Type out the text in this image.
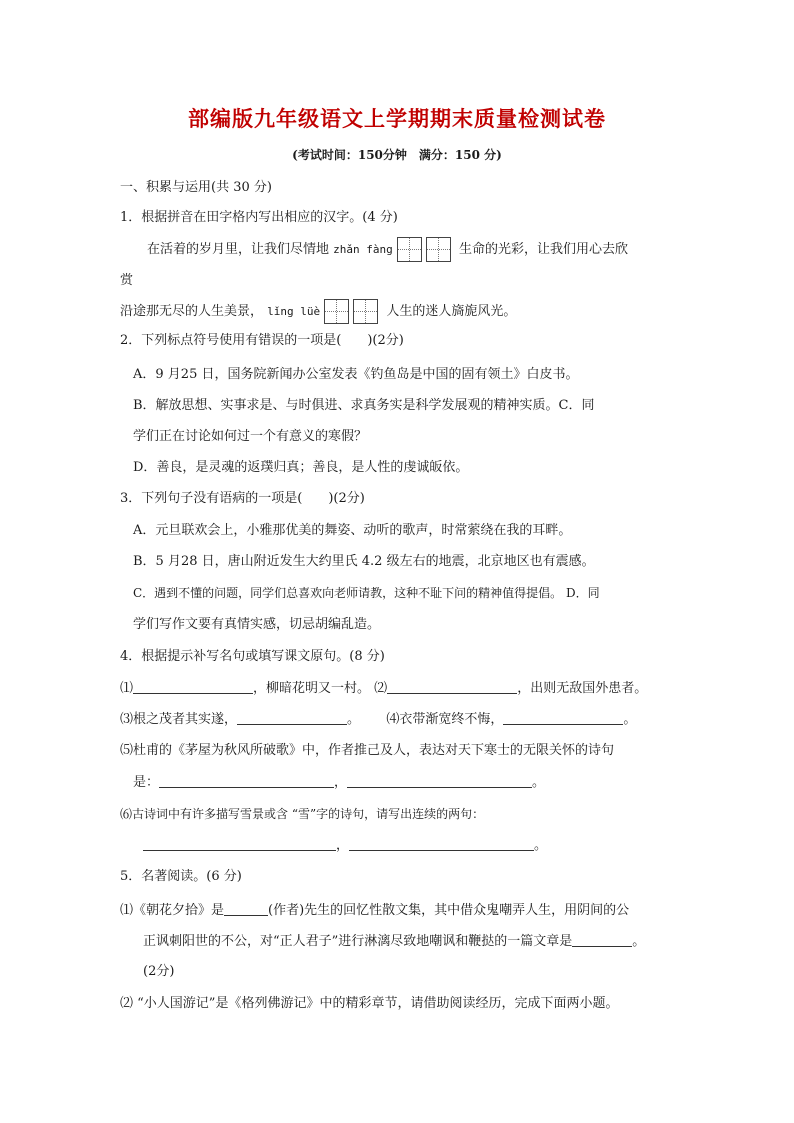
部编版九年级语文上学期期末质量检测试卷
(考试时间：150分钟　满分：150 分)
一、积累与运用(共 30 分)
1．根据拼音在田字格内写出相应的汉字。(4 分)
在活着的岁月里，让我们尽情地 zhǎn fàng	生命的光彩，让我们用心去欣
赏
沿途那无尽的人生美景， lǐng lüè	人生的迷人旖旎风光。
2．下列标点符号使用有错误的一项是(　　)(2分)
A．9 月25 日，国务院新闻办公室发表《钓鱼岛是中国的固有领土》白皮书。
B．解放思想、实事求是、与时俱进、求真务实是科学发展观的精神实质。C．同
学们正在讨论如何过一个有意义的寒假？
D．善良，是灵魂的返璞归真；善良，是人性的虔诚皈依。
3．下列句子没有语病的一项是(　　)(2分)
A．元旦联欢会上，小雅那优美的舞姿、动听的歌声，时常萦绕在我的耳畔。
B．5 月28 日，唐山附近发生大约里氏 4.2 级左右的地震，北京地区也有震感。
C．遇到不懂的问题，同学们总喜欢向老师请教，这种不耻下问的精神值得提倡。 D．同
学们写作文要有真情实感，切忌胡编乱造。
4．根据提示补写名句或填写课文原句。(8 分)
⑴	，柳暗花明又一村。 ⑵	，出则无敌国外患者。
⑶根之茂者其实遂，	。 ⑷衣带渐宽终不悔，	。
⑸杜甫的《茅屋为秋风所破歌》中，作者推己及人，表达对天下寒士的无限关怀的诗句
是：	，	。
⑹古诗词中有许多描写雪景或含 “雪”字的诗句，请写出连续的两句：
，	。
5．名著阅读。(6 分)
⑴《朝花夕拾》是	(作者)先生的回忆性散文集，其中借众鬼嘲弄人生，用阴间的公
正讽刺阳世的不公，对“正人君子”进行淋漓尽致地嘲讽和鞭挞的一篇文章是	。
(2分)
⑵ “小人国游记”是《格列佛游记》中的精彩章节，请借助阅读经历，完成下面两小题。
